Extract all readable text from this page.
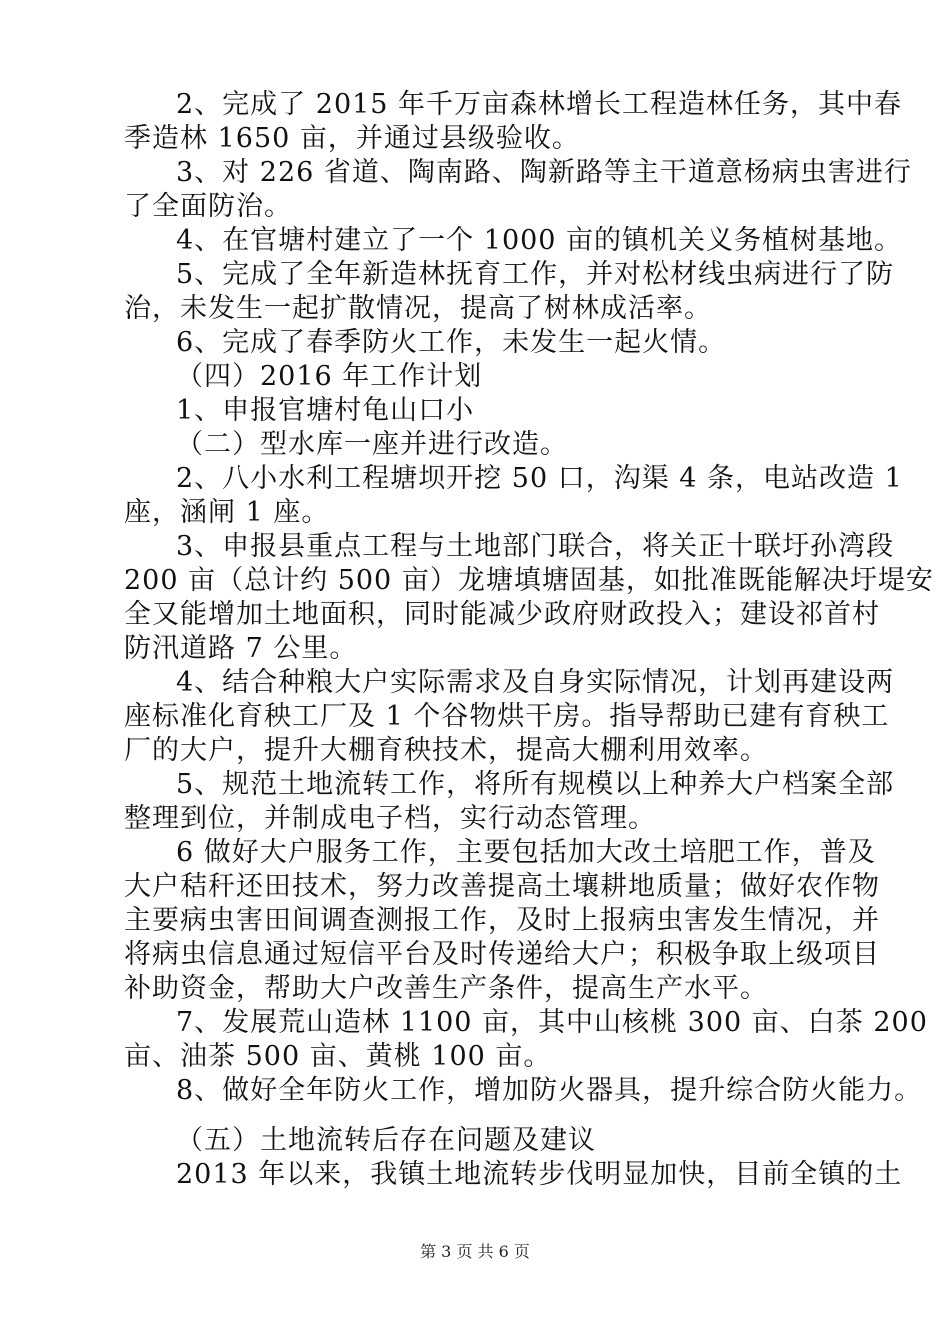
2、完成了 2015 年千万亩森林增长工程造林任务，其中春
季造林 1650 亩，并通过县级验收。
3、对 226 省道、陶南路、陶新路等主干道意杨病虫害进行
了全面防治。
4、在官塘村建立了一个 1000 亩的镇机关义务植树基地。
5、完成了全年新造林抚育工作，并对松材线虫病进行了防
治，未发生一起扩散情况，提高了树林成活率。
6、完成了春季防火工作，未发生一起火情。
（四）2016 年工作计划
1、申报官塘村龟山口小
（二）型水库一座并进行改造。
2、八小水利工程塘坝开挖 50 口，沟渠 4 条，电站改造 1
座，涵闸 1 座。
3、申报县重点工程与土地部门联合，将关正十联圩孙湾段
200 亩（总计约 500 亩）龙塘填塘固基，如批准既能解决圩堤安
全又能增加土地面积，同时能减少政府财政投入；建设祁首村
防汛道路 7 公里。
4、结合种粮大户实际需求及自身实际情况，计划再建设两
座标准化育秧工厂及 1 个谷物烘干房。指导帮助已建有育秧工
厂的大户，提升大棚育秧技术，提高大棚利用效率。
5、规范土地流转工作，将所有规模以上种养大户档案全部
整理到位，并制成电子档，实行动态管理。
6 做好大户服务工作，主要包括加大改土培肥工作，普及
大户秸秆还田技术，努力改善提高土壤耕地质量；做好农作物
主要病虫害田间调查测报工作，及时上报病虫害发生情况，并
将病虫信息通过短信平台及时传递给大户；积极争取上级项目
补助资金，帮助大户改善生产条件，提高生产水平。
7、发展荒山造林 1100 亩，其中山核桃 300 亩、白茶 200
亩、油茶 500 亩、黄桃 100 亩。
8、做好全年防火工作，增加防火器具，提升综合防火能力。
（五）土地流转后存在问题及建议
2013 年以来，我镇土地流转步伐明显加快，目前全镇的土
第 3 页 共 6 页
